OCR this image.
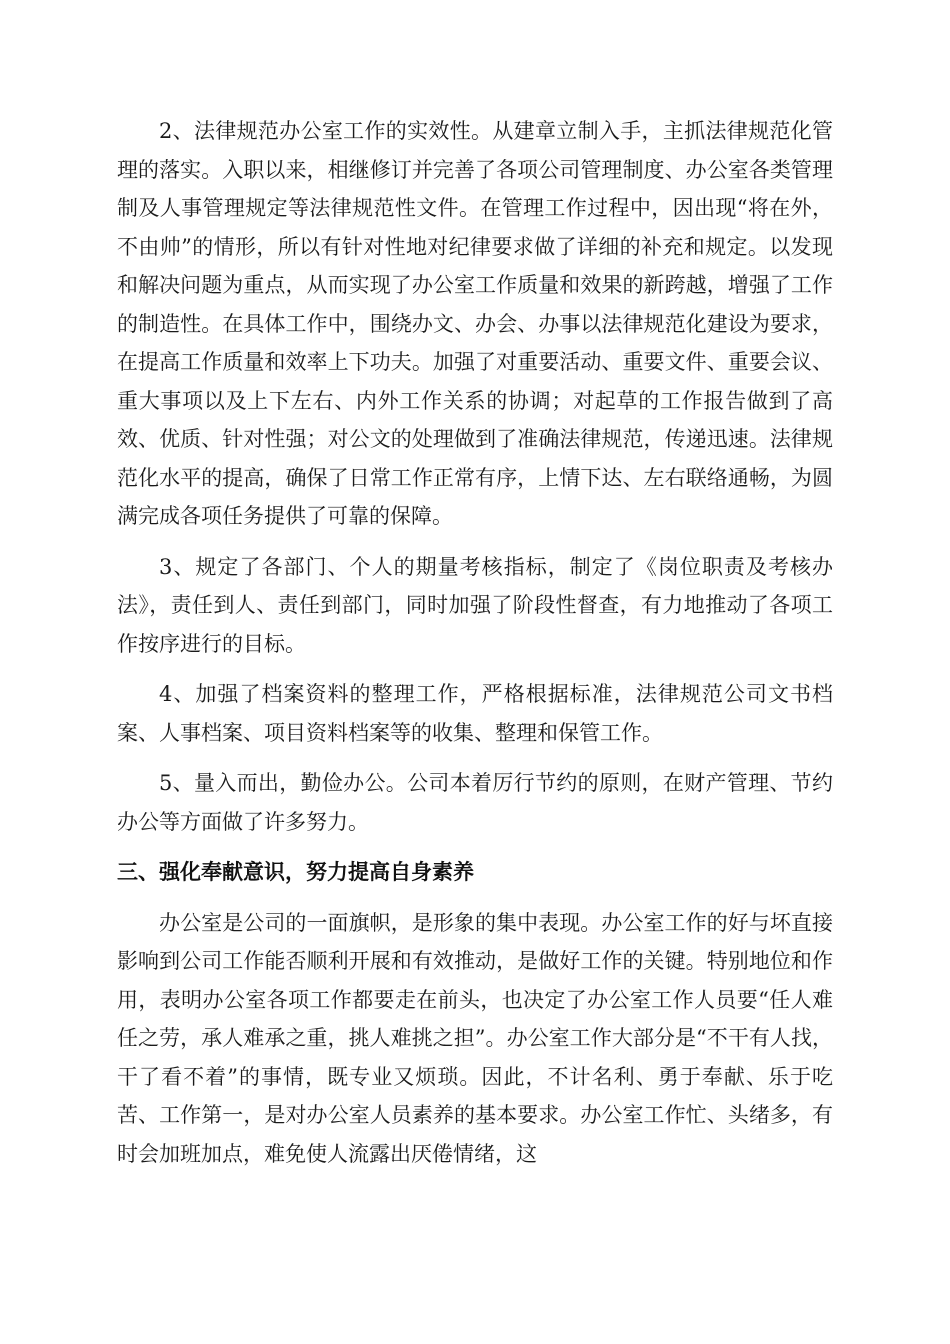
2、法律规范办公室工作的实效性。从建章立制入手，主抓法律规范化管理的落实。入职以来，相继修订并完善了各项公司管理制度、办公室各类管理制及人事管理规定等法律规范性文件。在管理工作过程中，因出现“将在外，不由帅”的情形，所以有针对性地对纪律要求做了详细的补充和规定。以发现和解决问题为重点，从而实现了办公室工作质量和效果的新跨越，增强了工作的制造性。在具体工作中，围绕办文、办会、办事以法律规范化建设为要求，在提高工作质量和效率上下功夫。加强了对重要活动、重要文件、重要会议、重大事项以及上下左右、内外工作关系的协调；对起草的工作报告做到了高效、优质、针对性强；对公文的处理做到了准确法律规范，传递迅速。法律规范化水平的提高，确保了日常工作正常有序，上情下达、左右联络通畅，为圆满完成各项任务提供了可靠的保障。

3、规定了各部门、个人的期量考核指标，制定了《岗位职责及考核办法》，责任到人、责任到部门，同时加强了阶段性督查，有力地推动了各项工作按序进行的目标。

4、加强了档案资料的整理工作，严格根据标准，法律规范公司文书档案、人事档案、项目资料档案等的收集、整理和保管工作。

5、量入而出，勤俭办公。公司本着厉行节约的原则，在财产管理、节约办公等方面做了许多努力。

三、强化奉献意识，努力提高自身素养

办公室是公司的一面旗帜，是形象的集中表现。办公室工作的好与坏直接影响到公司工作能否顺利开展和有效推动，是做好工作的关键。特别地位和作用，表明办公室各项工作都要走在前头，也决定了办公室工作人员要“任人难任之劳，承人难承之重，挑人难挑之担”。办公室工作大部分是“不干有人找，干了看不着”的事情，既专业又烦琐。因此，不计名利、勇于奉献、乐于吃苦、工作第一，是对办公室人员素养的基本要求。办公室工作忙、头绪多，有时会加班加点，难免使人流露出厌倦情绪，这
